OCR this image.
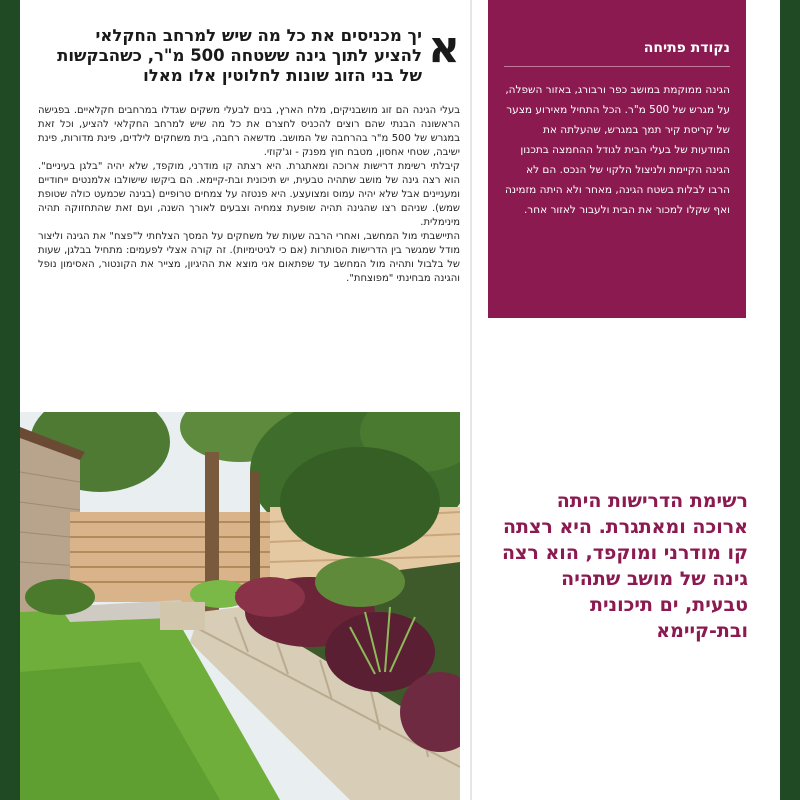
א
יך מכניסים את כל מה שיש למרחב החקלאי
להציע לתוך גינה ששטחה 500 מ"ר, כשהבקשות
של בני הזוג שונות לחלוטין אלו מאלו

בעלי הגינה הם זוג מושבניקים, מלח הארץ, בנים לבעלי משקים שגדלו במרחבים חקלאיים. בפגישה הראשונה הבנתי שהם רוצים להכניס לחצרם את כל מה שיש למרחב החקלאי להציע, וכל זאת במגרש של 500 מ"ר בהרחבה של המושב. מדשאה רחבה, בית משחקים לילדים, פינת מדורות, פינת ישיבה, שטחי אחסון, מטבח חוץ מפנק - וג'קוזי.

קיבלתי רשימת דרישות ארוכה ומאתגרת. היא רצתה קו מודרני, מוקפד, שלא יהיה "בלגן בעיניים". הוא רצה גינה של מושב שתהיה טבעית, יש תיכונית ובת-קיימא. הם ביקשו שישולבו אלמנטים ייחודיים ומעניינים אבל שלא יהיה עמוס ומצועצע. היא פנטזה על צמחים טרופיים (בגינה שכמעט כולה שטופת שמש). שניהם רצו שהגינה תהיה שופעת צמחיה וצבעים לאורך השנה, ועם זאת שהתחזוקה תהיה מינימלית.

התיישבתי מול המחשב, ואחרי הרבה שעות של משחקים על המסך הצלחתי ל"פצח" את הגינה וליצור מודל שמגשר בין הדרישות הסותרות (אם כי לגיטימיות). זה קורה אצלי לפעמים: מתחיל בבלגן, שעות של בלבול ותהיה מול המחשב עד שפתאום אני מוצא את ההיגיון, מצייר את הקונטור, האסימון נופל והגינה מבחינתי "מפוצחת".

נקודת פתיחה
הגינה ממוקמת במושב כפר ורבורג, באזור השפלה, על מגרש של 500 מ"ר. הכל התחיל מאירוע מצער של קריסת קיר תמך במגרש, שהעלתה את המודעות של בעלי הבית לגודל ההחמצה בתכנון הגינה הקיימת ולניצול הלקוי של הנכס. הם לא הרבו לבלות בשטח הגינה, מאחר ולא היתה מזמינה ואף שקלו למכור את הבית ולעבור לאזור אחר.
רשימת הדרישות היתה ארוכה ומאתגרת. היא רצתה קו מודרני ומוקפד, הוא רצה גינה של מושב שתהיה טבעית, ים תיכונית ובת-קיימא
